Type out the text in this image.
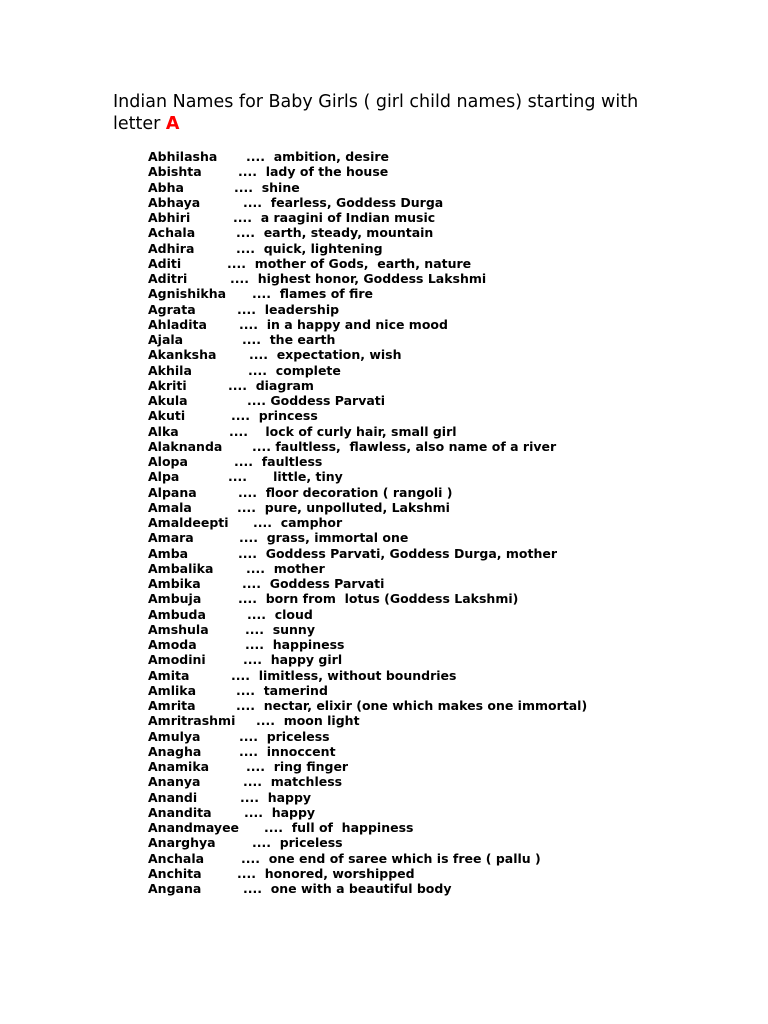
Indian Names for Baby Girls ( girl child names) starting with letter A
Abhilasha ....  ambition, desire
Abishta	....  lady of the house
Abha	....  shine
Abhaya	....  fearless, Goddess Durga
Abhiri	....  a raagini of Indian music
Achala	....  earth, steady, mountain
Adhira	....  quick, lightening
Aditi	....  mother of Gods,  earth, nature
Aditri	....  highest honor, Goddess Lakshmi
Agnishikha ....  flames of fire
Agrata	....  leadership
Ahladita	....  in a happy and nice mood
Ajala	....  the earth
Akanksha	....  expectation, wish
Akhila	....  complete
Akriti	....  diagram
Akula	.... Goddess Parvati
Akuti	....  princess
Alka	....    lock of curly hair, small girl
Alaknanda .... faultless,  flawless, also name of a river
Alopa	....  faultless
Alpa	....      little, tiny
Alpana	....  floor decoration ( rangoli )
Amala	....  pure, unpolluted, Lakshmi
Amaldeepti ....  camphor
Amara	....  grass, immortal one
Amba	....  Goddess Parvati, Goddess Durga, mother
Ambalika	....  mother
Ambika	....  Goddess Parvati
Ambuja	....  born from  lotus (Goddess Lakshmi)
Ambuda	....  cloud
Amshula	....  sunny
Amoda	....  happiness
Amodini	....  happy girl
Amita	....  limitless, without boundries
Amlika	....  tamerind
Amrita	....  nectar, elixir (one which makes one immortal)
Amritrashmi ....  moon light
Amulya	....  priceless
Anagha	....  innoccent
Anamika	....  ring finger
Ananya	....  matchless
Anandi	....  happy
Anandita	....  happy
Anandmayee ....  full of  happiness
Anarghya	....  priceless
Anchala	....  one end of saree which is free ( pallu )
Anchita	....  honored, worshipped
Angana	....  one with a beautiful body
